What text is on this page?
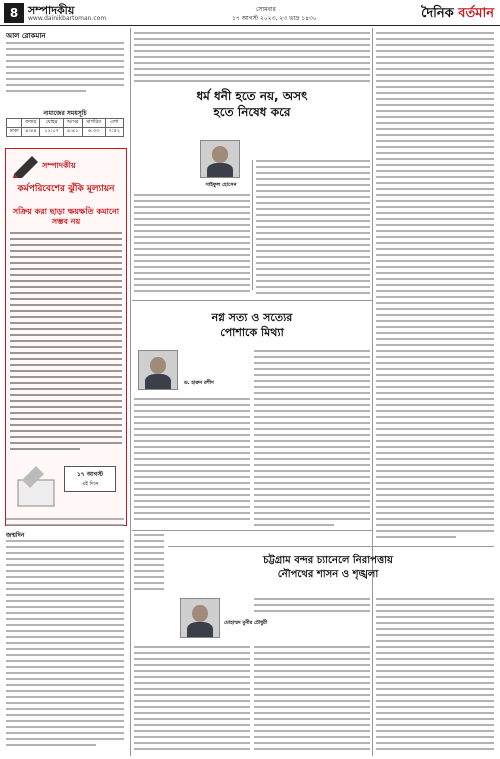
8 সম্পাদকীয়
www.dainikbartoman.com
সোমবার
১৭ আগস্ট ২০২৩, ২৩ ভাদ্র ১৪৩০	দৈনিক বর্তমান
আল রোকমান
নামাজের সময়সূচি
	ফজর	যোহর	আসর	মাগরিব	এশা
ঢাকা	৪:৪৪	১২:০৭	৪:৪১	৬:৩৩	৭:৫২
সম্পাদকীয়
কর্মপরিবেশের ঝুঁকি মূল্যায়ন
সক্রিয় করা ছাড়া ক্ষয়ক্ষতি কমানো সম্ভব নয়
১৭ আগস্ট
এই দিনে
জন্মদিন
ধর্ম ধনী হতে নয়, অসৎ
হতে নিষেধ করে
সাইফুল হোসেন
নগ্ন সত্য ও সত্যের
পোশাকে মিথ্যা
ড. হারুন রশীদ
চট্টগ্রাম বন্দর চ্যানেলে নিরাপত্তায়
নৌপথের শাসন ও শৃঙ্খলা
মোহাম্মদ মুনীর চৌধুরী
